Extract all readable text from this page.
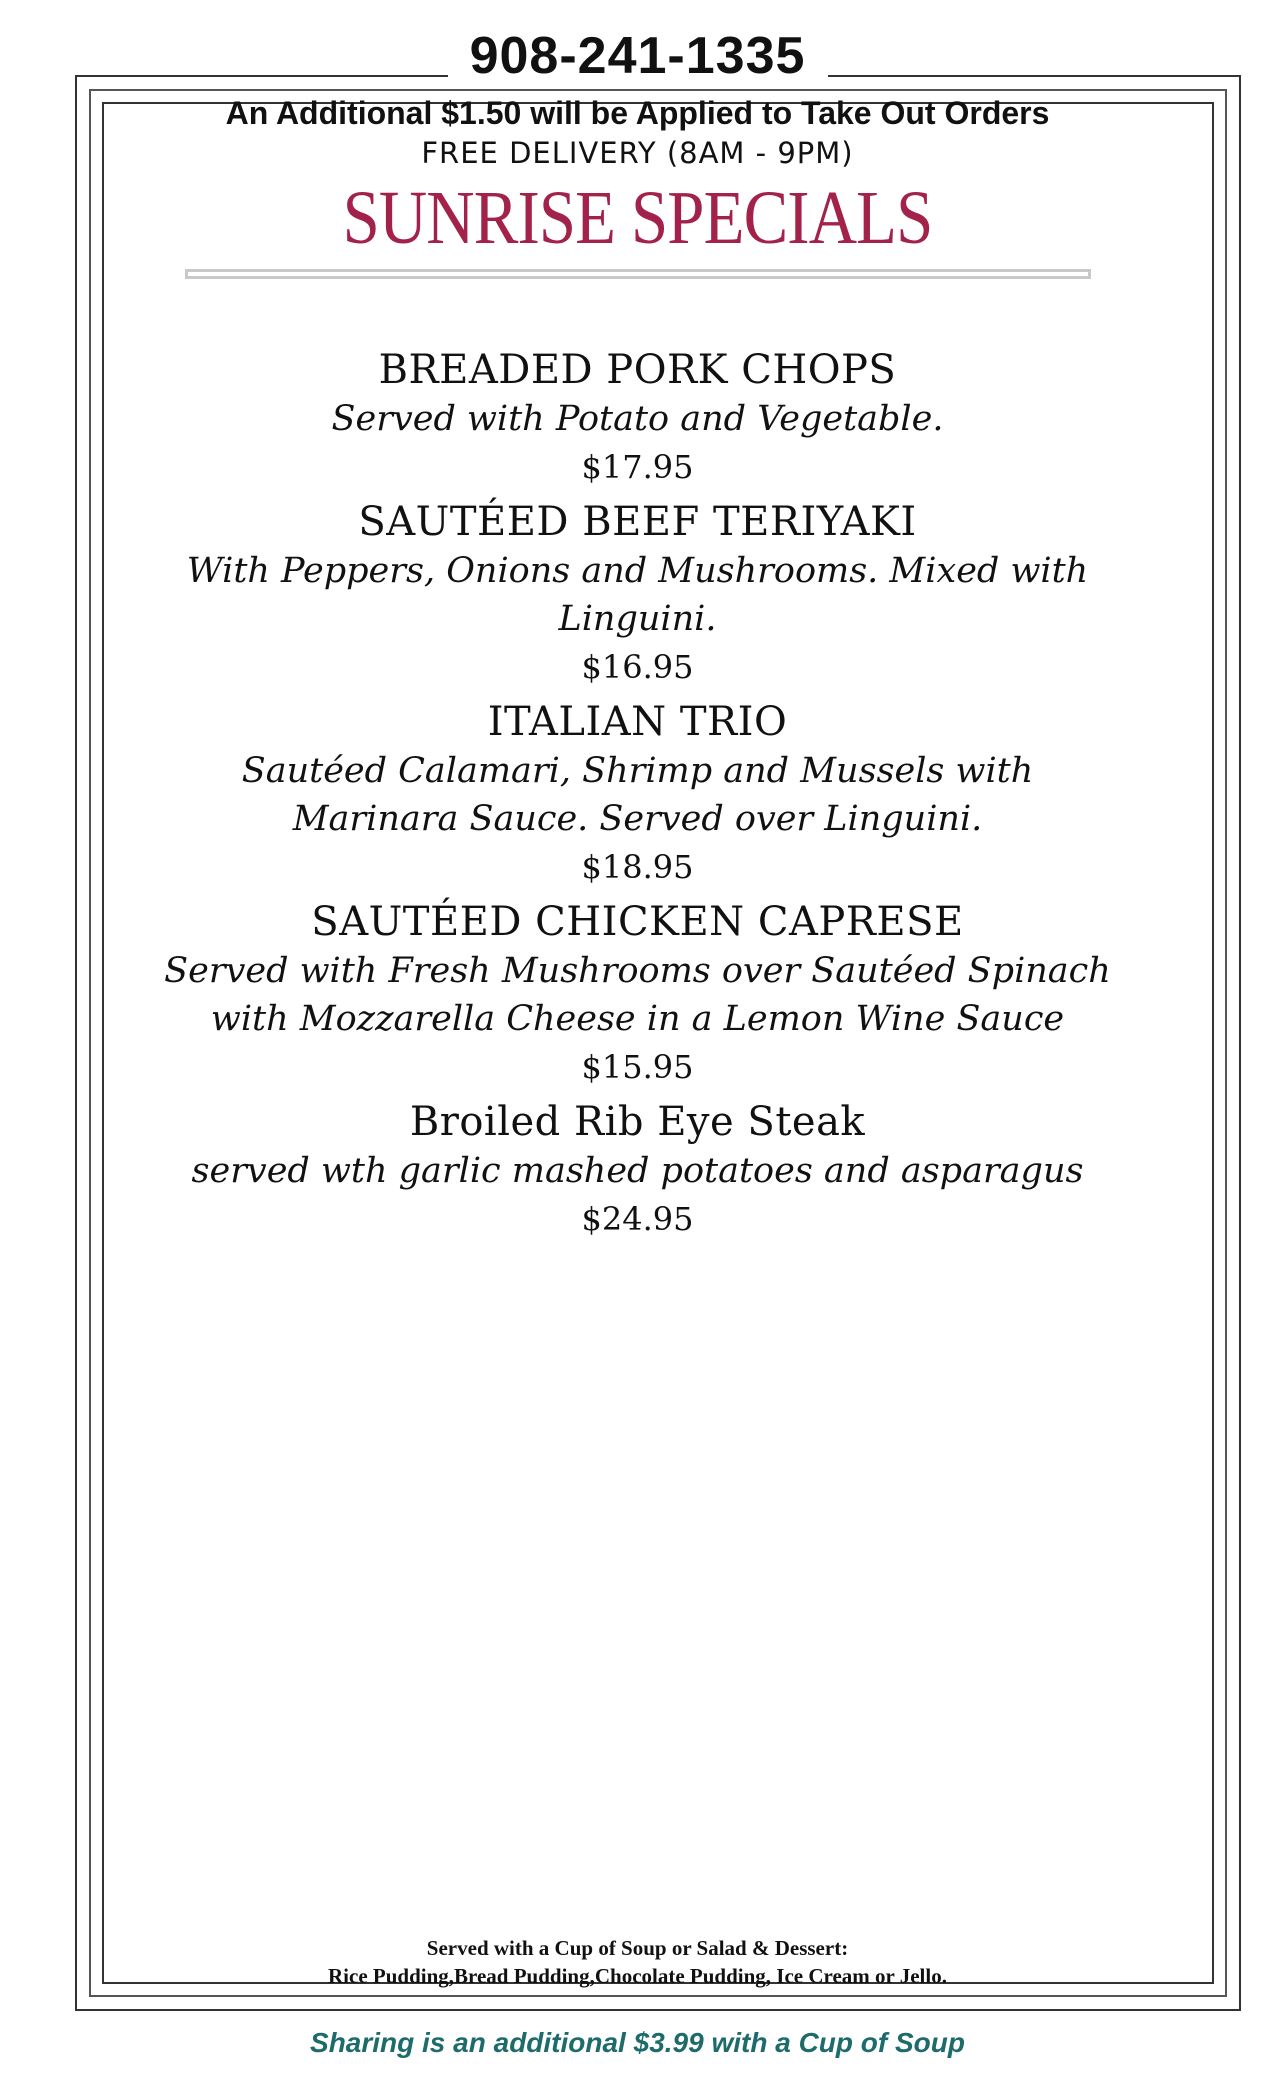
908-241-1335
An Additional $1.50 will be Applied to Take Out Orders
FREE DELIVERY (8AM - 9PM)
SUNRISE SPECIALS
BREADED PORK CHOPS
Served with Potato and Vegetable.
$17.95
SAUTÉED BEEF TERIYAKI
With Peppers, Onions and Mushrooms. Mixed with
Linguini.
$16.95
ITALIAN TRIO
Sautéed Calamari, Shrimp and Mussels with
Marinara Sauce. Served over Linguini.
$18.95
SAUTÉED CHICKEN CAPRESE
Served with Fresh Mushrooms over Sautéed Spinach
with Mozzarella Cheese in a Lemon Wine Sauce
$15.95
Broiled Rib Eye Steak
served wth garlic mashed potatoes and asparagus
$24.95
Served with a Cup of Soup or Salad & Dessert:
Rice Pudding,Bread Pudding,Chocolate Pudding, Ice Cream or Jello.
Sharing is an additional $3.99 with a Cup of Soup
